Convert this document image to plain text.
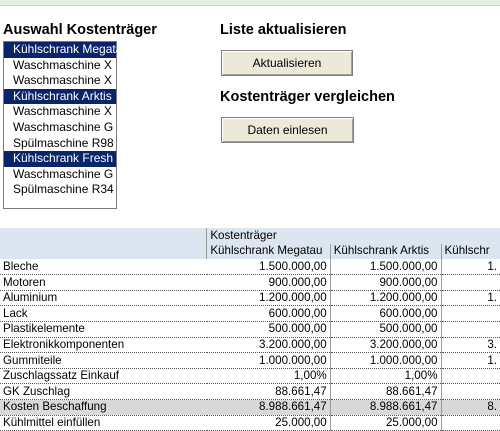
Auswahl Kostenträger
Kühlschrank Megatau
Waschmaschine X
Waschmaschine X
Kühlschrank Arktis
Waschmaschine X
Waschmaschine G
Spülmaschine R98
Kühlschrank Fresh
Waschmaschine G
Spülmaschine R34
Liste aktualisieren
Aktualisieren
Kostenträger vergleichen
Daten einlesen
	Kostenträger		
	Kühlschrank Megatau	Kühlschrank Arktis	Kühlschr
Bleche	1.500.000,00	1.500.000,00	1.
Motoren	900.000,00	900.000,00	
Aluminium	1.200.000,00	1.200.000,00	1.
Lack	600.000,00	600.000,00	
Plastikelemente	500.000,00	500.000,00	
Elektronikkomponenten	3.200.000,00	3.200.000,00	3.
Gummiteile	1.000.000,00	1.000.000,00	1.
Zuschlagssatz Einkauf	1,00%	1,00%	
GK Zuschlag	88.661,47	88.661,47	
Kosten Beschaffung	8.988.661,47	8.988.661,47	8.
Kühlmittel einfüllen	25.000,00	25.000,00	
